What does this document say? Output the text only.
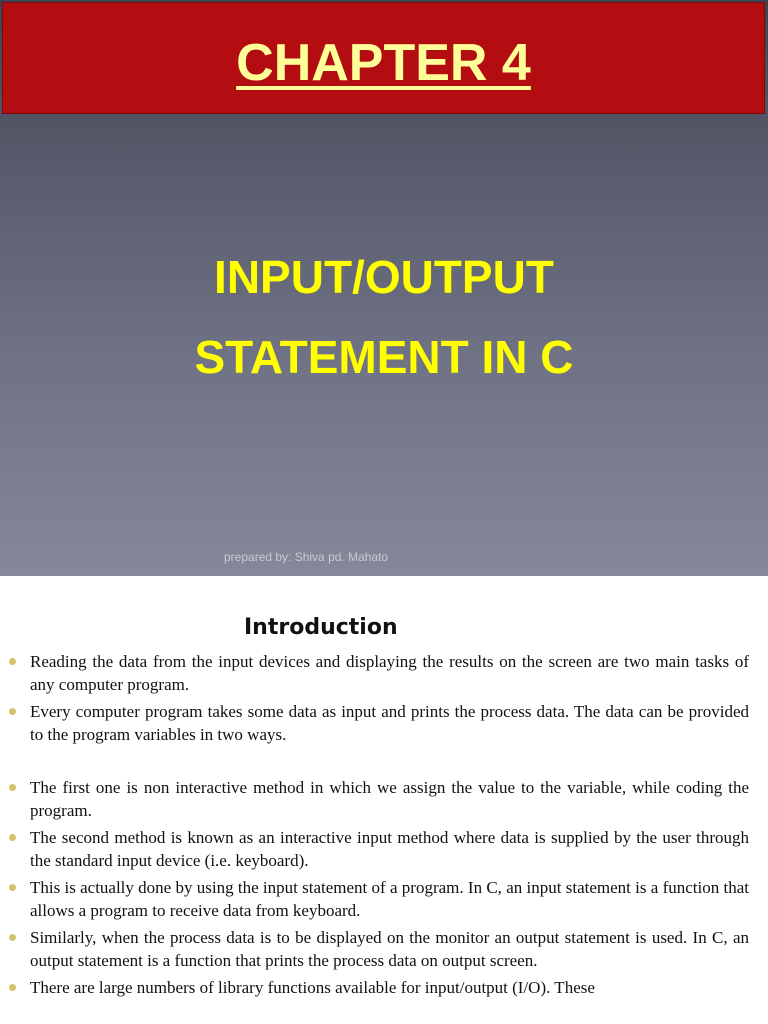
CHAPTER 4
INPUT/OUTPUT
STATEMENT IN C
prepared by: Shiva pd. Mahato
Introduction
Reading the data from the input devices and displaying the results on the screen are two main tasks of any computer program.
Every computer program takes some data as input and prints the process data. The data can be provided to the program variables in two ways.
The first one is non interactive method in which we assign the value to the variable, while coding the program.
The second method is known as an interactive input method where data is supplied by the user through the standard input device (i.e. keyboard).
This is actually done by using the input statement of a program. In C, an input statement is a function that allows a program to receive data from keyboard.
Similarly, when the process data is to be displayed on the monitor an output statement is used. In C, an output statement is a function that prints the process data on output screen.
There are large numbers of library functions available for input/output (I/O). These
